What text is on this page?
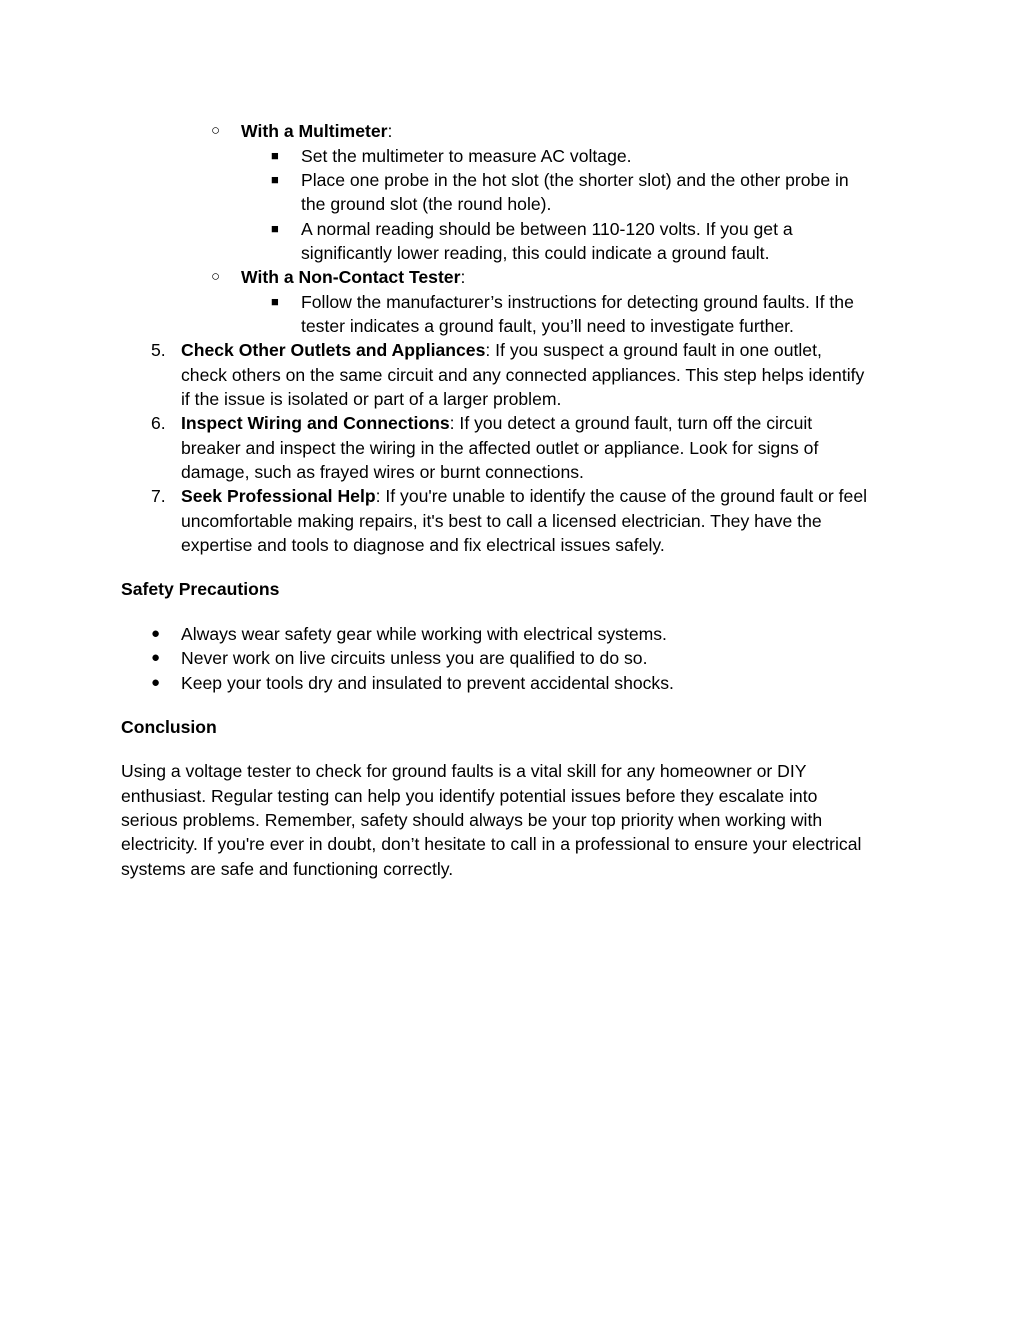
○ With a Multimeter:
■ Set the multimeter to measure AC voltage.
■ Place one probe in the hot slot (the shorter slot) and the other probe in
the ground slot (the round hole).
■ A normal reading should be between 110-120 volts. If you get a
significantly lower reading, this could indicate a ground fault.
○ With a Non-Contact Tester:
■ Follow the manufacturer’s instructions for detecting ground faults. If the
tester indicates a ground fault, you’ll need to investigate further.
5. Check Other Outlets and Appliances: If you suspect a ground fault in one outlet,
check others on the same circuit and any connected appliances. This step helps identify
if the issue is isolated or part of a larger problem.
6. Inspect Wiring and Connections: If you detect a ground fault, turn off the circuit
breaker and inspect the wiring in the affected outlet or appliance. Look for signs of
damage, such as frayed wires or burnt connections.
7. Seek Professional Help: If you're unable to identify the cause of the ground fault or feel
uncomfortable making repairs, it's best to call a licensed electrician. They have the
expertise and tools to diagnose and fix electrical issues safely.
Safety Precautions
● Always wear safety gear while working with electrical systems.
● Never work on live circuits unless you are qualified to do so.
● Keep your tools dry and insulated to prevent accidental shocks.
Conclusion
Using a voltage tester to check for ground faults is a vital skill for any homeowner or DIY
enthusiast. Regular testing can help you identify potential issues before they escalate into
serious problems. Remember, safety should always be your top priority when working with
electricity. If you're ever in doubt, don’t hesitate to call in a professional to ensure your electrical
systems are safe and functioning correctly.
